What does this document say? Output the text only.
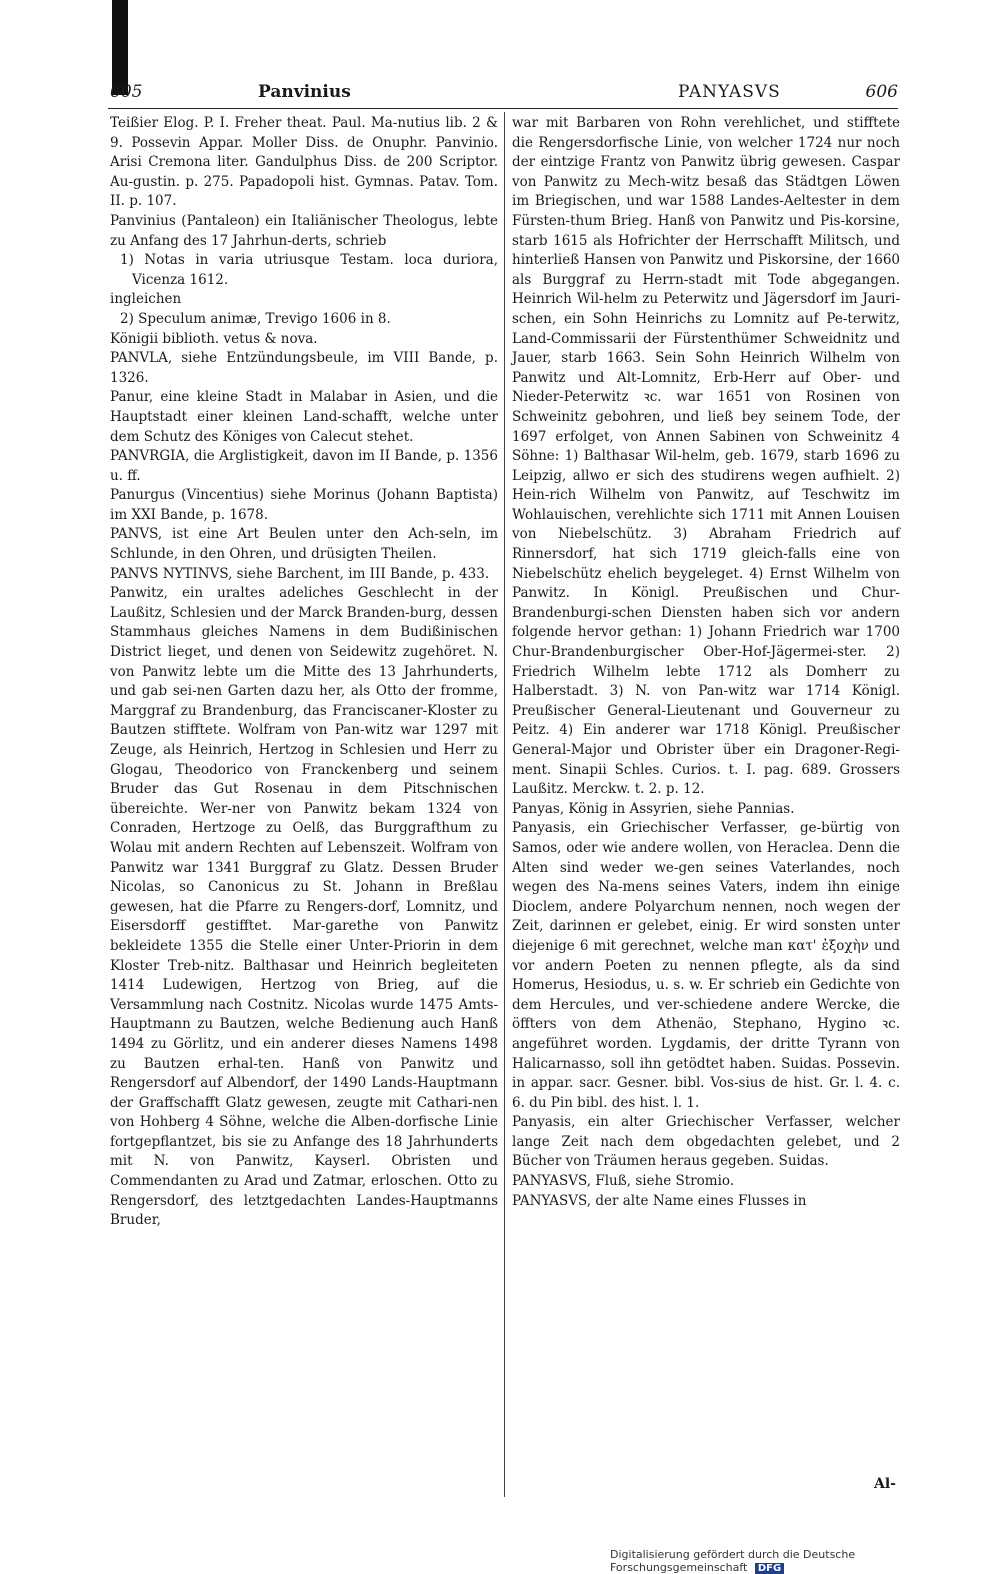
605	Panvinius	PANYASVS	606

Teißier Elog. P. I. Freher theat. Paul. Ma-nutius lib. 2 & 9. Possevin Appar. Moller Diss. de Onuphr. Panvinio. Arisi Cremona liter. Gandulphus Diss. de 200 Scriptor. Au-gustin. p. 275. Papadopoli hist. Gymnas. Patav. Tom. II. p. 107.

Panvinius (Pantaleon) ein Italiänischer Theologus, lebte zu Anfang des 17 Jahrhun-derts, schrieb

1) Notas in varia utriusque Testam. loca duriora, Vicenza 1612.

ingleichen

2) Speculum animæ, Trevigo 1606 in 8.

Königii biblioth. vetus & nova.

PANVLA, siehe Entzündungsbeule, im VIII Bande, p. 1326.

Panur, eine kleine Stadt in Malabar in Asien, und die Hauptstadt einer kleinen Land-schafft, welche unter dem Schutz des Königes von Calecut stehet.

PANVRGIA, die Arglistigkeit, davon im II Bande, p. 1356 u. ff.

Panurgus (Vincentius) siehe Morinus (Johann Baptista) im XXI Bande, p. 1678.

PANVS, ist eine Art Beulen unter den Ach-seln, im Schlunde, in den Ohren, und drüsigten Theilen.

PANVS NYTINVS, siehe Barchent, im III Bande, p. 433.

Panwitz, ein uraltes adeliches Geschlecht in der Laußitz, Schlesien und der Marck Branden-burg, dessen Stammhaus gleiches Namens in dem Budißinischen District lieget, und denen von Seidewitz zugehöret. N. von Panwitz lebte um die Mitte des 13 Jahrhunderts, und gab sei-nen Garten dazu her, als Otto der fromme, Marggraf zu Brandenburg, das Franciscaner-Kloster zu Bautzen stifftete. Wolfram von Pan-witz war 1297 mit Zeuge, als Heinrich, Hertzog in Schlesien und Herr zu Glogau, Theodorico von Franckenberg und seinem Bruder das Gut Rosenau in dem Pitschnischen übereichte. Wer-ner von Panwitz bekam 1324 von Conraden, Hertzoge zu Oelß, das Burggrafthum zu Wolau mit andern Rechten auf Lebenszeit. Wolfram von Panwitz war 1341 Burggraf zu Glatz. Dessen Bruder Nicolas, so Canonicus zu St. Johann in Breßlau gewesen, hat die Pfarre zu Rengers-dorf, Lomnitz, und Eisersdorff gestifftet. Mar-garethe von Panwitz bekleidete 1355 die Stelle einer Unter-Priorin in dem Kloster Treb-nitz. Balthasar und Heinrich begleiteten 1414 Ludewigen, Hertzog von Brieg, auf die Versammlung nach Costnitz. Nicolas wurde 1475 Amts-Hauptmann zu Bautzen, welche Bedienung auch Hanß 1494 zu Görlitz, und ein anderer dieses Namens 1498 zu Bautzen erhal-ten. Hanß von Panwitz und Rengersdorf auf Albendorf, der 1490 Lands-Hauptmann der Graffschafft Glatz gewesen, zeugte mit Cathari-nen von Hohberg 4 Söhne, welche die Alben-dorfische Linie fortgepflantzet, bis sie zu Anfange des 18 Jahrhunderts mit N. von Panwitz, Kayserl. Obristen und Commendanten zu Arad und Zatmar, erloschen. Otto zu Rengersdorf, des letztgedachten Landes-Hauptmanns Bruder,

war mit Barbaren von Rohn verehlichet, und stifftete die Rengersdorfische Linie, von welcher 1724 nur noch der eintzige Frantz von Panwitz übrig gewesen. Caspar von Panwitz zu Mech-witz besaß das Städtgen Löwen im Briegischen, und war 1588 Landes-Aeltester in dem Fürsten-thum Brieg. Hanß von Panwitz und Pis-korsine, starb 1615 als Hofrichter der Herrschafft Militsch, und hinterließ Hansen von Panwitz und Piskorsine, der 1660 als Burggraf zu Herrn-stadt mit Tode abgegangen. Heinrich Wil-helm zu Peterwitz und Jägersdorf im Jauri-schen, ein Sohn Heinrichs zu Lomnitz auf Pe-terwitz, Land-Commissarii der Fürstenthümer Schweidnitz und Jauer, starb 1663. Sein Sohn Heinrich Wilhelm von Panwitz und Alt-Lomnitz, Erb-Herr auf Ober- und Nieder-Peterwitz ꝛc. war 1651 von Rosinen von Schweinitz gebohren, und ließ bey seinem Tode, der 1697 erfolget, von Annen Sabinen von Schweinitz 4 Söhne: 1) Balthasar Wil-helm, geb. 1679, starb 1696 zu Leipzig, allwo er sich des studirens wegen aufhielt. 2) Hein-rich Wilhelm von Panwitz, auf Teschwitz im Wohlauischen, verehlichte sich 1711 mit Annen Louisen von Niebelschütz. 3) Abraham Friedrich auf Rinnersdorf, hat sich 1719 gleich-falls eine von Niebelschütz ehelich beygeleget. 4) Ernst Wilhelm von Panwitz. In Königl. Preußischen und Chur-Brandenburgi-schen Diensten haben sich vor andern folgende hervor gethan: 1) Johann Friedrich war 1700 Chur-Brandenburgischer Ober-Hof-Jägermei-ster. 2) Friedrich Wilhelm lebte 1712 als Domherr zu Halberstadt. 3) N. von Pan-witz war 1714 Königl. Preußischer General-Lieutenant und Gouverneur zu Peitz. 4) Ein anderer war 1718 Königl. Preußischer General-Major und Obrister über ein Dragoner-Regi-ment. Sinapii Schles. Curios. t. I. pag. 689. Grossers Laußitz. Merckw. t. 2. p. 12.

Panyas, König in Assyrien, siehe Pannias.

Panyasis, ein Griechischer Verfasser, ge-bürtig von Samos, oder wie andere wollen, von Heraclea. Denn die Alten sind weder we-gen seines Vaterlandes, noch wegen des Na-mens seines Vaters, indem ihn einige Dioclem, andere Polyarchum nennen, noch wegen der Zeit, darinnen er gelebet, einig. Er wird sonsten unter diejenige 6 mit gerechnet, welche man κατ' ἐξοχὴν und vor andern Poeten zu nennen pflegte, als da sind Homerus, Hesiodus, u. s. w. Er schrieb ein Gedichte von dem Hercules, und ver-schiedene andere Wercke, die öffters von dem Athenäo, Stephano, Hygino ꝛc. angeführet worden. Lygdamis, der dritte Tyrann von Halicarnasso, soll ihn getödtet haben. Suidas. Possevin. in appar. sacr. Gesner. bibl. Vos-sius de hist. Gr. l. 4. c. 6. du Pin bibl. des hist. l. 1.

Panyasis, ein alter Griechischer Verfasser, welcher lange Zeit nach dem obgedachten gelebet, und 2 Bücher von Träumen heraus gegeben. Suidas.

PANYASVS, Fluß, siehe Stromio.

PANYASVS, der alte Name eines Flusses in

Al-
Digitalisierung gefördert durch die Deutsche Forschungsgemeinschaft DFG
